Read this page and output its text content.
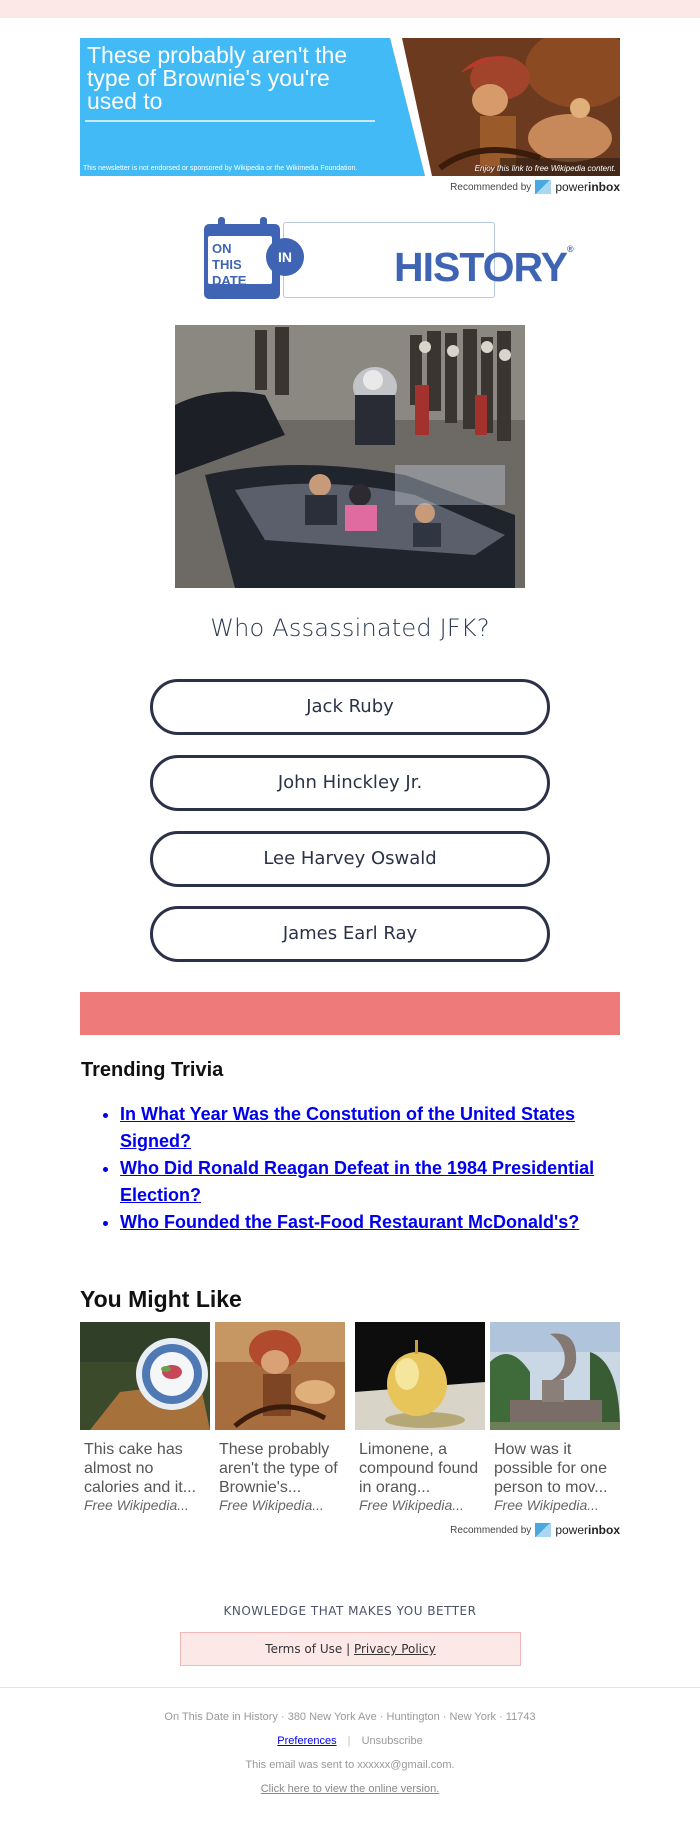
These probably aren't the type of Brownie's you're used to
This newsletter is not endorsed or sponsored by Wikipedia or the Wikimedia Foundation.	Enjoy this link to free Wikipedia content.
Recommended by powerinbox
ON
THIS
DATE	HISTORY®
IN
Who Assassinated JFK?
Jack Ruby
John Hinckley Jr.
Lee Harvey Oswald
James Earl Ray
Trending Trivia
• In What Year Was the Constution of the United States Signed?
• Who Did Ronald Reagan Defeat in the 1984 Presidential Election?
• Who Founded the Fast-Food Restaurant McDonald's?
You Might Like
This cake has almost no calories and it...
Free Wikipedia...
These probably aren't the type of Brownie's...
Free Wikipedia...
Limonene, a compound found in orang...
Free Wikipedia...
How was it possible for one person to mov...
Free Wikipedia...
Recommended by powerinbox
KNOWLEDGE THAT MAKES YOU BETTER
Terms of Use | Privacy Policy
On This Date in History · 380 New York Ave · Huntington · New York · 11743
Preferences | Unsubscribe
This email was sent to xxxxxx@gmail.com.
Click here to view the online version.
